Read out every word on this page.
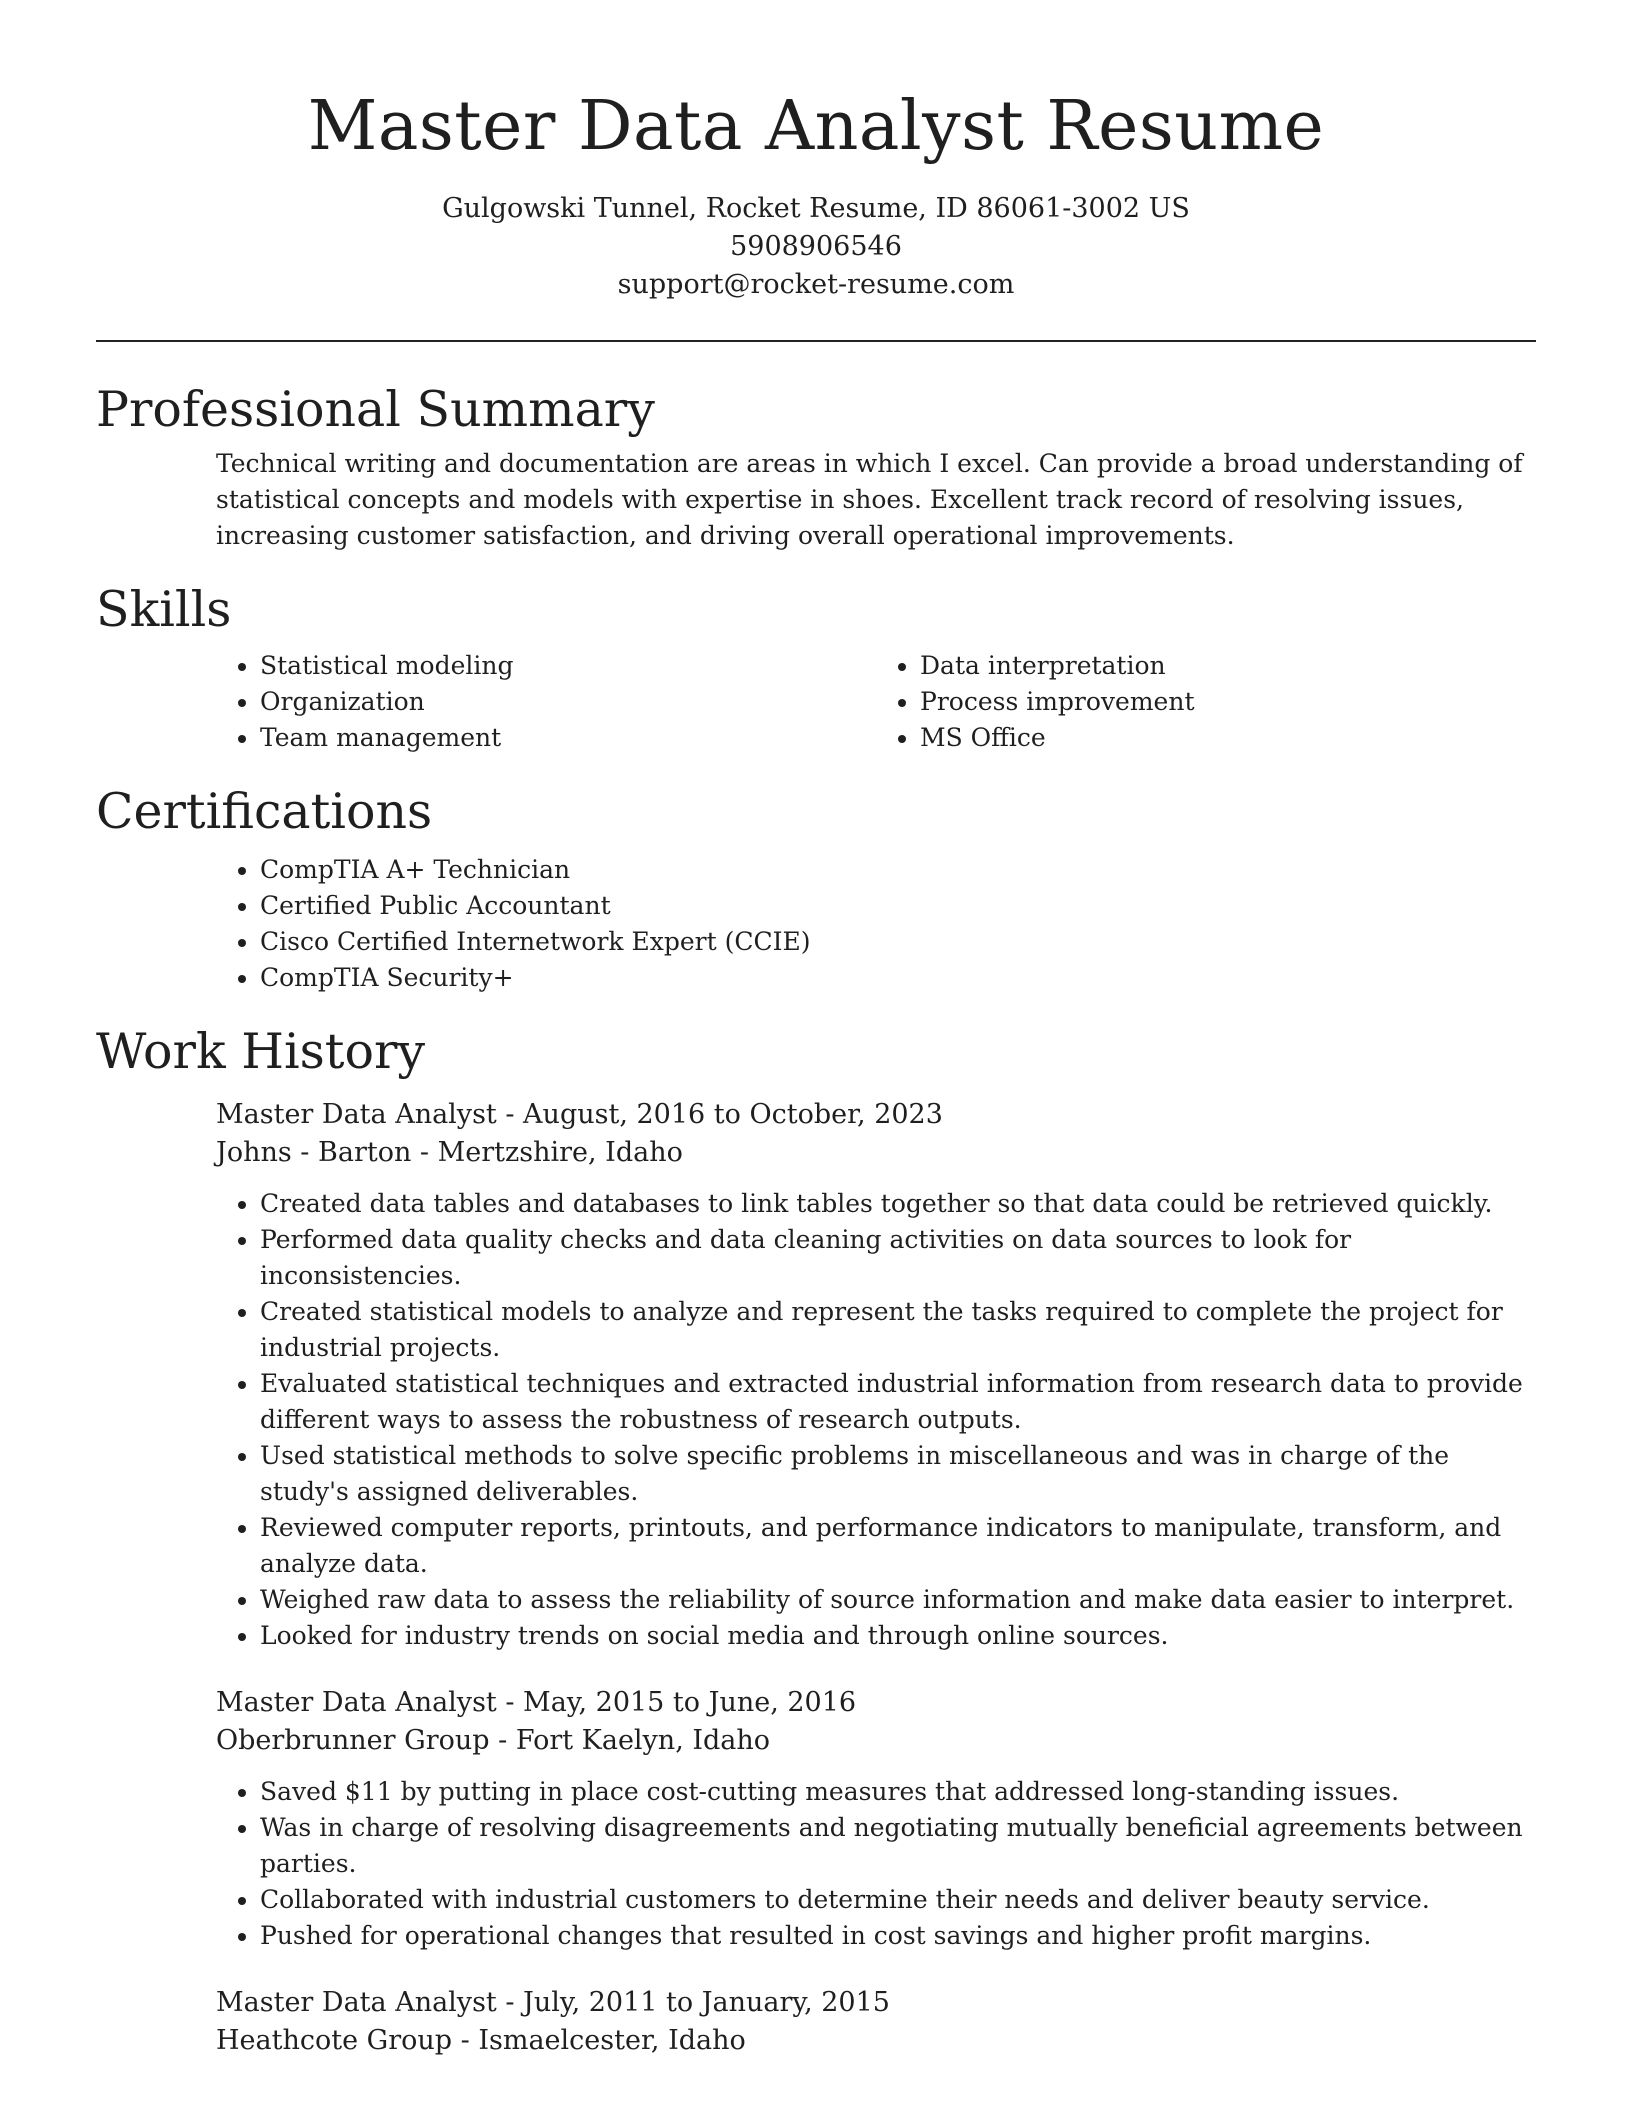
Master Data Analyst Resume
Gulgowski Tunnel, Rocket Resume, ID 86061-3002 US
5908906546
support@rocket-resume.com
Professional Summary

Technical writing and documentation are areas in which I excel. Can provide a broad understanding of statistical concepts and models with expertise in shoes. Excellent track record of resolving issues, increasing customer satisfaction, and driving overall operational improvements.

Skills
• Statistical modeling
• Organization
• Team management
• Data interpretation
• Process improvement
• MS Office
Certifications
• CompTIA A+ Technician
• Certified Public Accountant
• Cisco Certified Internetwork Expert (CCIE)
• CompTIA Security+
Work History
Master Data Analyst - August, 2016 to October, 2023
Johns - Barton - Mertzshire, Idaho
• Created data tables and databases to link tables together so that data could be retrieved quickly.
• Performed data quality checks and data cleaning activities on data sources to look for inconsistencies.
• Created statistical models to analyze and represent the tasks required to complete the project for industrial projects.
• Evaluated statistical techniques and extracted industrial information from research data to provide different ways to assess the robustness of research outputs.
• Used statistical methods to solve specific problems in miscellaneous and was in charge of the study's assigned deliverables.
• Reviewed computer reports, printouts, and performance indicators to manipulate, transform, and analyze data.
• Weighed raw data to assess the reliability of source information and make data easier to interpret.
• Looked for industry trends on social media and through online sources.
Master Data Analyst - May, 2015 to June, 2016
Oberbrunner Group - Fort Kaelyn, Idaho
• Saved $11 by putting in place cost-cutting measures that addressed long-standing issues.
• Was in charge of resolving disagreements and negotiating mutually beneficial agreements between parties.
• Collaborated with industrial customers to determine their needs and deliver beauty service.
• Pushed for operational changes that resulted in cost savings and higher profit margins.
Master Data Analyst - July, 2011 to January, 2015
Heathcote Group - Ismaelcester, Idaho
